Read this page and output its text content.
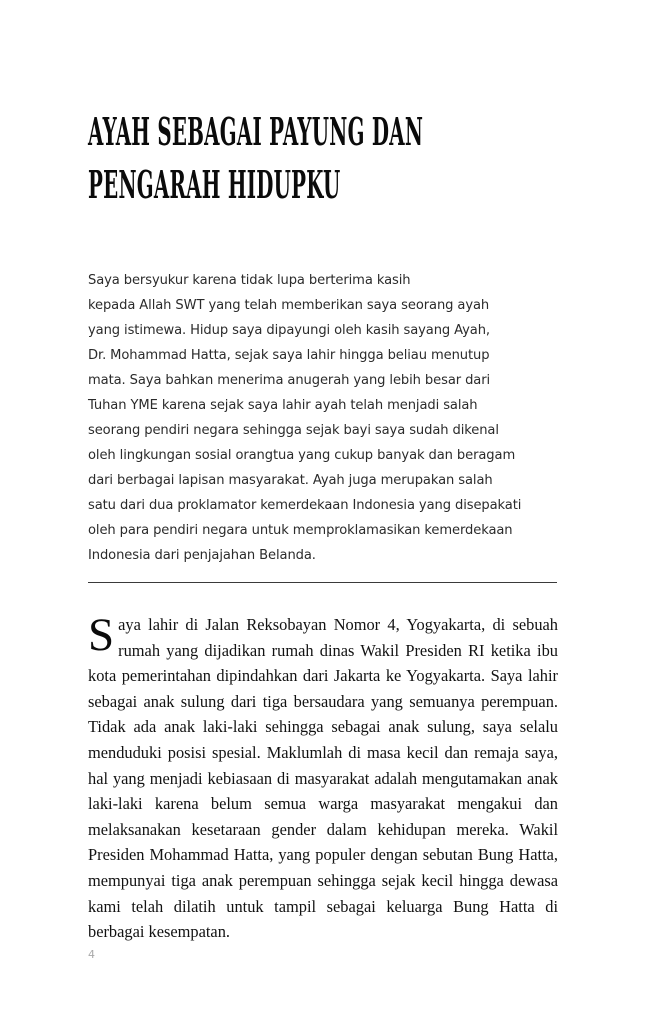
AYAH SEBAGAI PAYUNG DAN
PENGARAH HIDUPKU
Saya bersyukur karena tidak lupa berterima kasih
kepada Allah SWT yang telah memberikan saya seorang ayah
yang istimewa. Hidup saya dipayungi oleh kasih sayang Ayah,
Dr. Mohammad Hatta, sejak saya lahir hingga beliau menutup
mata. Saya bahkan menerima anugerah yang lebih besar dari
Tuhan YME karena sejak saya lahir ayah telah menjadi salah
seorang pendiri negara sehingga sejak bayi saya sudah dikenal
oleh lingkungan sosial orangtua yang cukup banyak dan beragam
dari berbagai lapisan masyarakat. Ayah juga merupakan salah
satu dari dua proklamator kemerdekaan Indonesia yang disepakati
oleh para pendiri negara untuk memproklamasikan kemerdekaan
Indonesia dari penjajahan Belanda.
Saya lahir di Jalan Reksobayan Nomor 4, Yogyakarta, di sebuah rumah yang dijadikan rumah dinas Wakil Presiden RI ketika ibu kota pemerintahan dipindahkan dari Jakarta ke Yogyakarta. Saya lahir sebagai anak sulung dari tiga bersaudara yang semuanya perempuan. Tidak ada anak laki-laki sehingga sebagai anak sulung, saya selalu menduduki posisi spesial. Maklumlah di masa kecil dan remaja saya, hal yang menjadi kebiasaan di masyarakat adalah mengutamakan anak laki-laki karena belum semua warga masyarakat mengakui dan melaksanakan kesetaraan gender dalam kehidupan mereka. Wakil Presiden Mohammad Hatta, yang populer dengan sebutan Bung Hatta, mempunyai tiga anak perempuan sehingga sejak kecil hingga dewasa kami telah dilatih untuk tampil sebagai keluarga Bung Hatta di berbagai kesempatan.
4
